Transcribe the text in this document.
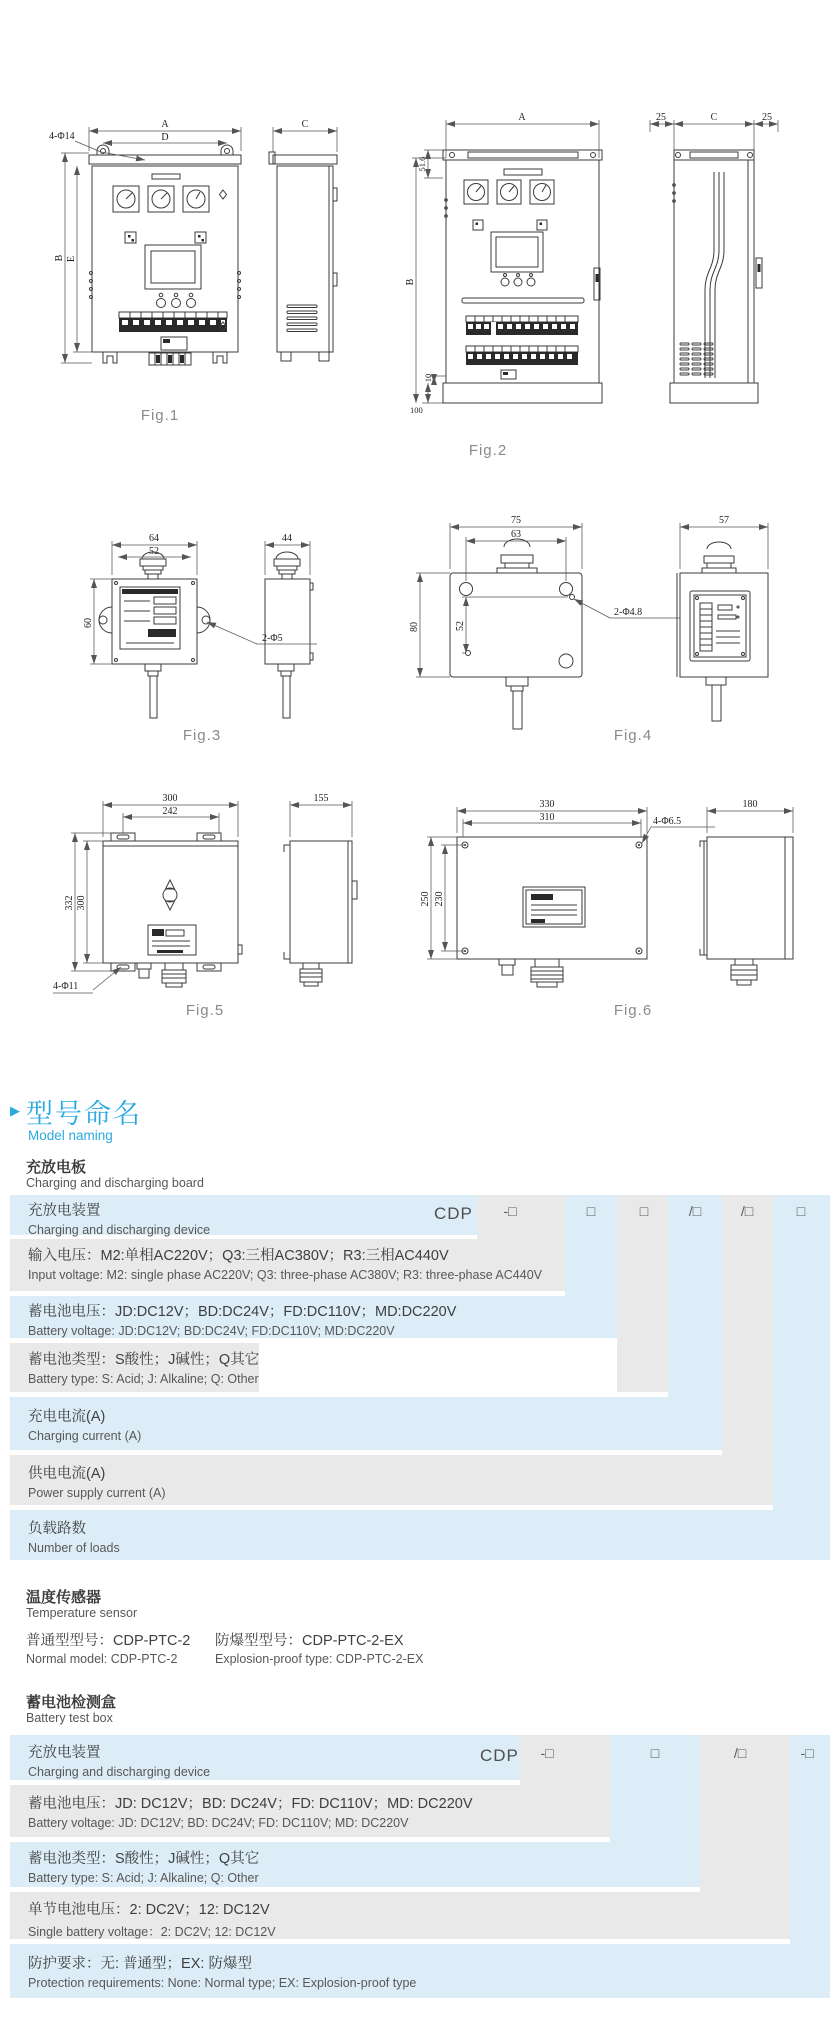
A
D
4-Φ14
B E
C
Fig.1
A
51.6
B
10
100
25	C	25
Fig.2
64
52
60
2-Φ5
44
Fig.3
75
63
80	52
2-Φ4.8
57
Fig.4
300
242
332 300
4-Φ11
155
Fig.5
330
310
250 230
4-Φ6.5
180
Fig.6
▶ 型号命名
Model naming
充放电板
Charging and discharging board
充放电装置
Charging and discharging device
输入电压：M2:单相AC220V；Q3:三相AC380V；R3:三相AC440V
Input voltage: M2: single phase AC220V; Q3: three-phase AC380V; R3: three-phase AC440V
蓄电池电压：JD:DC12V；BD:DC24V；FD:DC110V；MD:DC220V
Battery voltage: JD:DC12V; BD:DC24V; FD:DC110V; MD:DC220V
蓄电池类型：S酸性；J碱性；Q其它
Battery type: S: Acid; J: Alkaline; Q: Other
充电电流(A)
Charging current (A)
供电电流(A)
Power supply current (A)
负载路数
Number of loads
CDP	-□	□	□	/□	/□	□
温度传感器
Temperature sensor
普通型型号：CDP-PTC-2 防爆型型号：CDP-PTC-2-EX
Normal model: CDP-PTC-2	Explosion-proof type: CDP-PTC-2-EX
蓄电池检测盒
Battery test box
充放电装置
Charging and discharging device
蓄电池电压：JD: DC12V；BD: DC24V；FD: DC110V；MD: DC220V
Battery voltage: JD: DC12V; BD: DC24V; FD: DC110V; MD: DC220V
蓄电池类型：S酸性；J碱性；Q其它
Battery type: S: Acid; J: Alkaline; Q: Other
单节电池电压：2: DC2V；12: DC12V
Single battery voltage：2: DC2V; 12: DC12V
防护要求：无: 普通型；EX: 防爆型
Protection requirements: None: Normal type; EX: Explosion-proof type
CDP	-□	□	/□	-□
